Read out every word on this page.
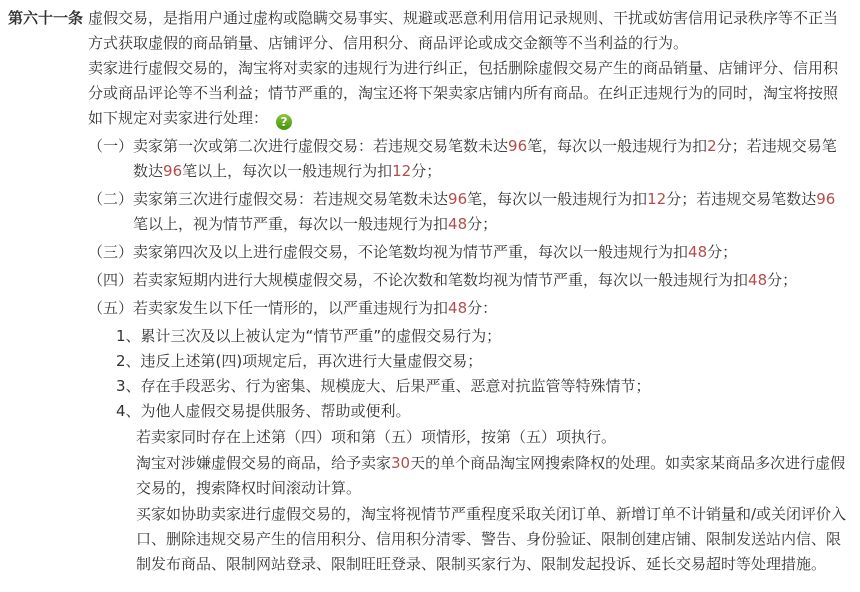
第六十一条 虚假交易，是指用户通过虚构或隐瞒交易事实、规避或恶意利用信用记录规则、干扰或妨害信用记录秩序等不正当方式获取虚假的商品销量、店铺评分、信用积分、商品评论或成交金额等不当利益的行为。
卖家进行虚假交易的，淘宝将对卖家的违规行为进行纠正，包括删除虚假交易产生的商品销量、店铺评分、信用积分或商品评论等不当利益；情节严重的，淘宝还将下架卖家店铺内所有商品。在纠正违规行为的同时，淘宝将按照如下规定对卖家进行处理： ?
（一） 卖家第一次或第二次进行虚假交易：若违规交易笔数未达96笔，每次以一般违规行为扣2分；若违规交易笔数达96笔以上，每次以一般违规行为扣12分；
（二） 卖家第三次进行虚假交易：若违规交易笔数未达96笔，每次以一般违规行为扣12分；若违规交易笔数达96笔以上，视为情节严重，每次以一般违规行为扣48分；
（三） 卖家第四次及以上进行虚假交易，不论笔数均视为情节严重，每次以一般违规行为扣48分；
（四） 若卖家短期内进行大规模虚假交易，不论次数和笔数均视为情节严重，每次以一般违规行为扣48分；
（五） 若卖家发生以下任一情形的，以严重违规行为扣48分：
1、 累计三次及以上被认定为“情节严重”的虚假交易行为；
2、 违反上述第(四)项规定后，再次进行大量虚假交易；
3、 存在手段恶劣、行为密集、规模庞大、后果严重、恶意对抗监管等特殊情节；
4、 为他人虚假交易提供服务、帮助或便利。
若卖家同时存在上述第（四）项和第（五）项情形，按第（五）项执行。
淘宝对涉嫌虚假交易的商品，给予卖家30天的单个商品淘宝网搜索降权的处理。如卖家某商品多次进行虚假交易的，搜索降权时间滚动计算。
买家如协助卖家进行虚假交易的，淘宝将视情节严重程度采取关闭订单、新增订单不计销量和/或关闭评价入口、删除违规交易产生的信用积分、信用积分清零、警告、身份验证、限制创建店铺、限制发送站内信、限制发布商品、限制网站登录、限制旺旺登录、限制买家行为、限制发起投诉、延长交易超时等处理措施。
